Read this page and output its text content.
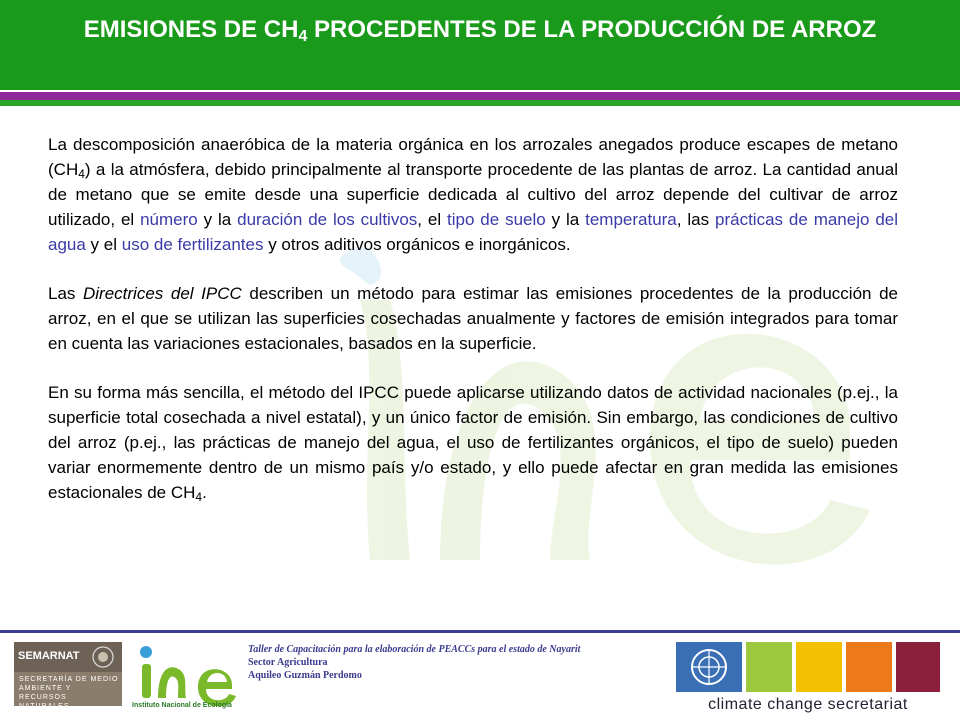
EMISIONES DE $CH_4$ PROCEDENTES DE LA PRODUCCIÓN DE ARROZ

La descomposición anaeróbica de la materia orgánica en los arrozales anegados produce escapes de metano $(CH_4)$ a la atmósfera, debido principalmente al transporte procedente de las plantas de arroz. La cantidad anual de metano que se emite desde una superficie dedicada al cultivo del arroz depende del cultivar de arroz utilizado, el número y la duración de los cultivos, el tipo de suelo y la temperatura, las prácticas de manejo del agua y el uso de fertilizantes y otros aditivos orgánicos e inorgánicos.

Las Directrices del IPCC describen un método para estimar las emisiones procedentes de la producción de arroz, en el que se utilizan las superficies cosechadas anualmente y factores de emisión integrados para tomar en cuenta las variaciones estacionales, basados en la superficie.

En su forma más sencilla, el método del IPCC puede aplicarse utilizando datos de actividad nacionales (p.ej., la superficie total cosechada a nivel estatal), y un único factor de emisión. Sin embargo, las condiciones de cultivo del arroz (p.ej., las prácticas de manejo del agua, el uso de fertilizantes orgánicos, el tipo de suelo) pueden variar enormemente dentro de un mismo país y/o estado, y ello puede afectar en gran medida las emisiones estacionales de $CH_4$.

SEMARNAT
SECRETARÍA DE MEDIO AMBIENTE Y RECURSOS NATURALES	Instituto Nacional de Ecología
Taller de Capacitación para la elaboración de PEACCs para el estado de Nayarit
Sector Agricultura
Aquileo Guzmán Perdomo
climate change secretariat
